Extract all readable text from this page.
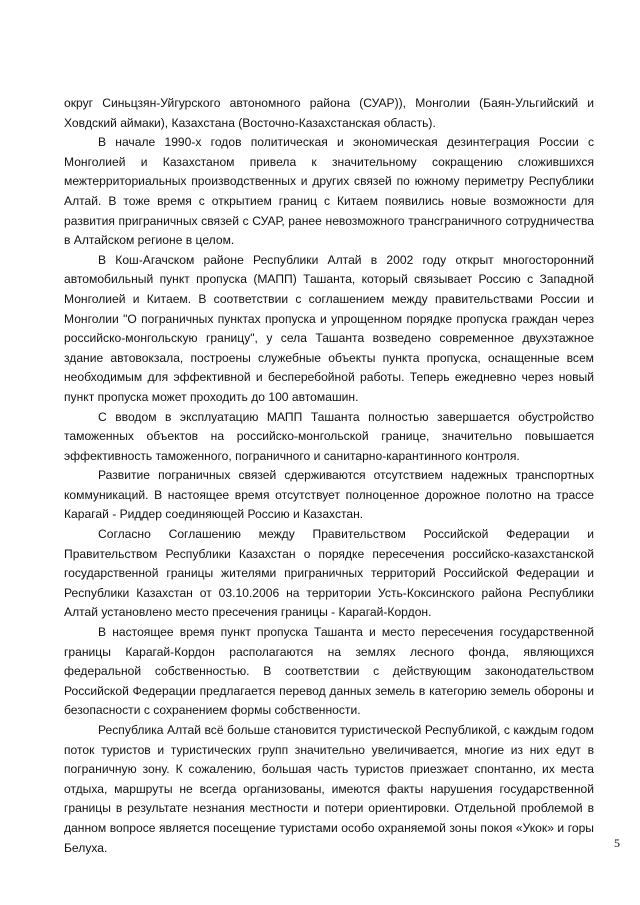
округ Синьцзян-Уйгурского автономного района (СУАР)), Монголии (Баян-Ульгийский и Ховдский аймаки), Казахстана (Восточно-Казахстанская область).

В начале 1990-х годов политическая и экономическая дезинтеграция России с Монголией и Казахстаном привела к значительному сокращению сложившихся межтерриториальных производственных и других связей по южному периметру Республики Алтай. В тоже время с открытием границ с Китаем появились новые возможности для развития приграничных связей с СУАР, ранее невозможного трансграничного сотрудничества в Алтайском регионе в целом.

В Кош-Агачском районе Республики Алтай в 2002 году открыт многосторонний автомобильный пункт пропуска (МАПП) Ташанта, который связывает Россию с Западной Монголией и Китаем. В соответствии с соглашением между правительствами России и Монголии "О пограничных пунктах пропуска и упрощенном порядке пропуска граждан через российско-монгольскую границу", у села Ташанта возведено современное двухэтажное здание автовокзала, построены служебные объекты пункта пропуска, оснащенные всем необходимым для эффективной и бесперебойной работы. Теперь ежедневно через новый пункт пропуска может проходить до 100 автомашин.

С вводом в эксплуатацию МАПП Ташанта полностью завершается обустройство таможенных объектов на российско-монгольской границе, значительно повышается эффективность таможенного, пограничного и санитарно-карантинного контроля.

Развитие пограничных связей сдерживаются отсутствием надежных транспортных коммуникаций. В настоящее время отсутствует полноценное дорожное полотно на трассе Карагай - Риддер соединяющей Россию и Казахстан.

Согласно Соглашению между Правительством Российской Федерации и Правительством Республики Казахстан о порядке пересечения российско-казахстанской государственной границы жителями приграничных территорий Российской Федерации и Республики Казахстан от 03.10.2006 на территории Усть-Коксинского района Республики Алтай установлено место пресечения границы - Карагай-Кордон.

В настоящее время пункт пропуска Ташанта и место пересечения государственной границы Карагай-Кордон располагаются на землях лесного фонда, являющихся федеральной собственностью. В соответствии с действующим законодательством Российской Федерации предлагается перевод данных земель в категорию земель обороны и безопасности с сохранением формы собственности.

Республика Алтай всё больше становится туристической Республикой, с каждым годом поток туристов и туристических групп значительно увеличивается, многие из них едут в пограничную зону. К сожалению, большая часть туристов приезжает спонтанно, их места отдыха, маршруты не всегда организованы, имеются факты нарушения государственной границы в результате незнания местности и потери ориентировки. Отдельной проблемой в данном вопросе является посещение туристами особо охраняемой зоны покоя «Укок» и горы Белуха.	5
